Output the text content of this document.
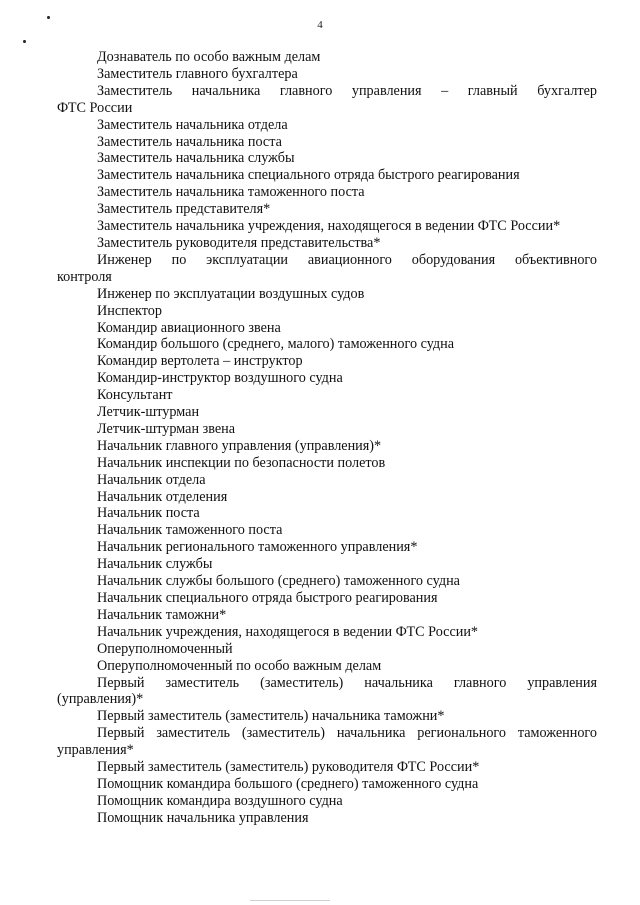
4

Дознаватель по особо важным делам

Заместитель главного бухгалтера

Заместитель начальника главного управления – главный бухгалтер
ФТС России

Заместитель начальника отдела

Заместитель начальника поста

Заместитель начальника службы

Заместитель начальника специального отряда быстрого реагирования

Заместитель начальника таможенного поста

Заместитель представителя*

Заместитель начальника учреждения, находящегося в ведении ФТС России*

Заместитель руководителя представительства*

Инженер по эксплуатации авиационного оборудования объективного
контроля

Инженер по эксплуатации воздушных судов

Инспектор

Командир авиационного звена

Командир большого (среднего, малого) таможенного судна

Командир вертолета – инструктор

Командир-инструктор воздушного судна

Консультант

Летчик-штурман

Летчик-штурман звена

Начальник главного управления (управления)*

Начальник инспекции по безопасности полетов

Начальник отдела

Начальник отделения

Начальник поста

Начальник таможенного поста

Начальник регионального таможенного управления*

Начальник службы

Начальник службы большого (среднего) таможенного судна

Начальник специального отряда быстрого реагирования

Начальник таможни*

Начальник учреждения, находящегося в ведении ФТС России*

Оперуполномоченный

Оперуполномоченный по особо важным делам

Первый заместитель (заместитель) начальника главного управления
(управления)*

Первый заместитель (заместитель) начальника таможни*

Первый заместитель (заместитель) начальника регионального таможенного
управления*

Первый заместитель (заместитель) руководителя ФТС России*

Помощник командира большого (среднего) таможенного судна

Помощник командира воздушного судна

Помощник начальника управления
